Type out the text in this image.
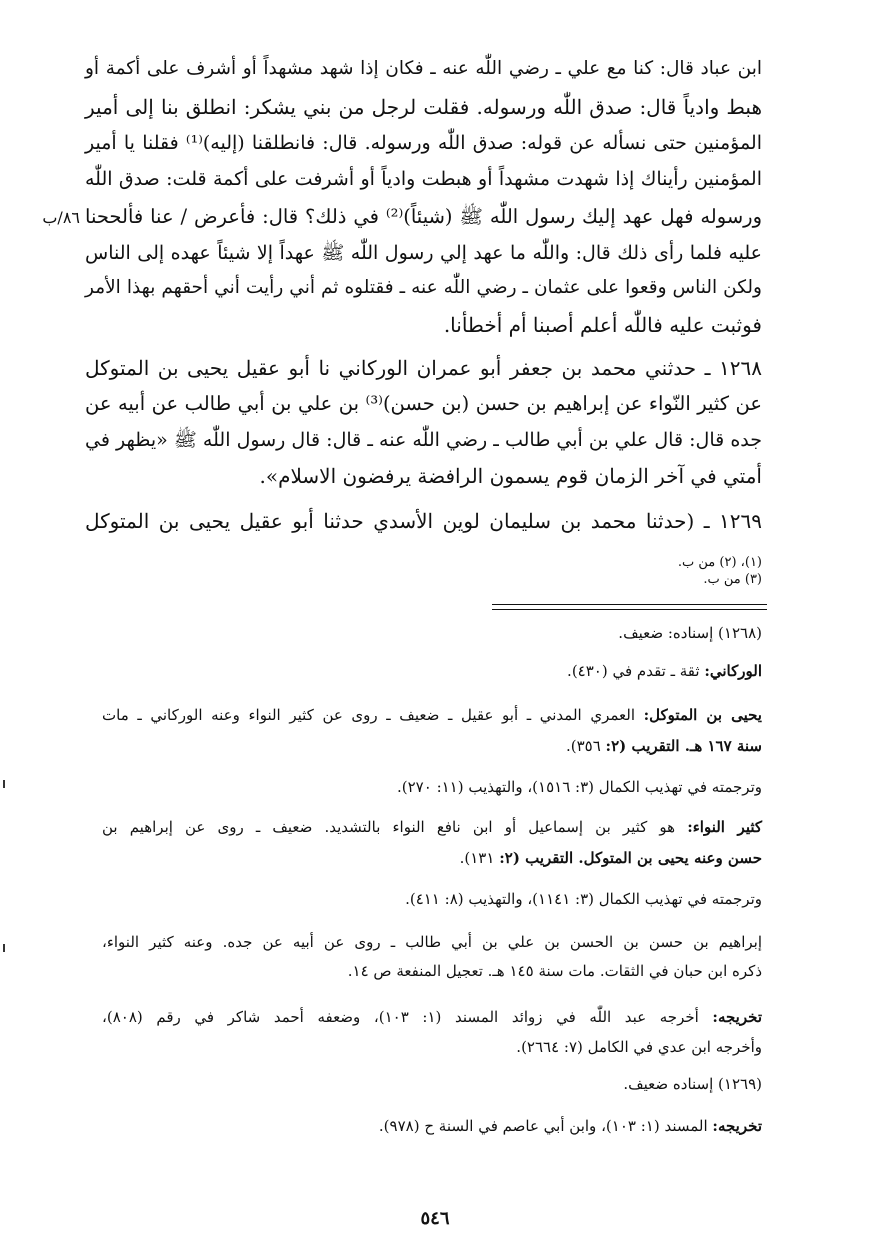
ابن عباد قال: كنا مع علي ـ رضي اللّٰه عنه ـ فكان إذا شهد مشهداً أو أشرف على أكمة أو
هبط وادياً قال: صدق اللّٰه ورسوله. فقلت لرجل من بني يشكر: انطلق بنا إلى أمير
المؤمنين حتى نسأله عن قوله: صدق اللّٰه ورسوله. قال: فانطلقنا (إليه)⁽¹⁾ فقلنا يا أمير
المؤمنين رأيناك إذا شهدت مشهداً أو هبطت وادياً أو أشرفت على أكمة قلت: صدق اللّٰه
ورسوله فهل عهد إليك رسول اللّٰه ﷺ (شيئاً)⁽²⁾ في ذلك؟ قال: فأعرض / عنا فألححنا
عليه فلما رأى ذلك قال: واللّٰه ما عهد إلي رسول اللّٰه ﷺ عهداً إلا شيئاً عهده إلى الناس
ولكن الناس وقعوا على عثمان ـ رضي اللّٰه عنه ـ فقتلوه ثم أني رأيت أني أحقهم بهذا الأمر
فوثبت عليه فاللّٰه أعلم أصبنا أم أخطأنا.
٨٦/ب
١٢٦٨ ـ حدثني محمد بن جعفر أبو عمران الوركاني نا أبو عقيل يحيى بن المتوكل
عن كثير النّواء عن إبراهيم بن حسن (بن حسن)⁽³⁾ بن علي بن أبي طالب عن أبيه عن
جده قال: قال علي بن أبي طالب ـ رضي اللّٰه عنه ـ قال: قال رسول اللّٰه ﷺ «يظهر في
أمتي في آخر الزمان قوم يسمون الرافضة يرفضون الاسلام».
١٢٦٩ ـ (حدثنا محمد بن سليمان لوين الأسدي حدثنا أبو عقيل يحيى بن المتوكل
(١)، (٢) من ب.
(٣) من ب.
(١٢٦٨) إسناده: ضعيف.
الوركاني: ثقة ـ تقدم في (٤٣٠).
يحيى بن المتوكل: العمري المدني ـ أبو عقيل ـ ضعيف ـ روى عن كثير النواء وعنه الوركاني ـ مات
سنة ١٦٧ هـ. التقريب (٢: ٣٥٦).
وترجمته في تهذيب الكمال (٣: ١٥١٦)، والتهذيب (١١: ٢٧٠).
كثير النواء: هو كثير بن إسماعيل أو ابن نافع النواء بالتشديد. ضعيف ـ روى عن إبراهيم بن
حسن وعنه يحيى بن المتوكل. التقريب (٢: ١٣١).
وترجمته في تهذيب الكمال (٣: ١١٤١)، والتهذيب (٨: ٤١١).
إبراهيم بن حسن بن الحسن بن علي بن أبي طالب ـ روى عن أبيه عن جده. وعنه كثير النواء،
ذكره ابن حبان في الثقات. مات سنة ١٤٥ هـ. تعجيل المنفعة ص ١٤.
تخريجه: أخرجه عبد اللّٰه في زوائد المسند (١: ١٠٣)، وضعفه أحمد شاكر في رقم (٨٠٨)،
وأخرجه ابن عدي في الكامل (٧: ٢٦٦٤).
(١٢٦٩) إسناده ضعيف.
تخريجه: المسند (١: ١٠٣)، وابن أبي عاصم في السنة ح (٩٧٨).
٥٤٦
